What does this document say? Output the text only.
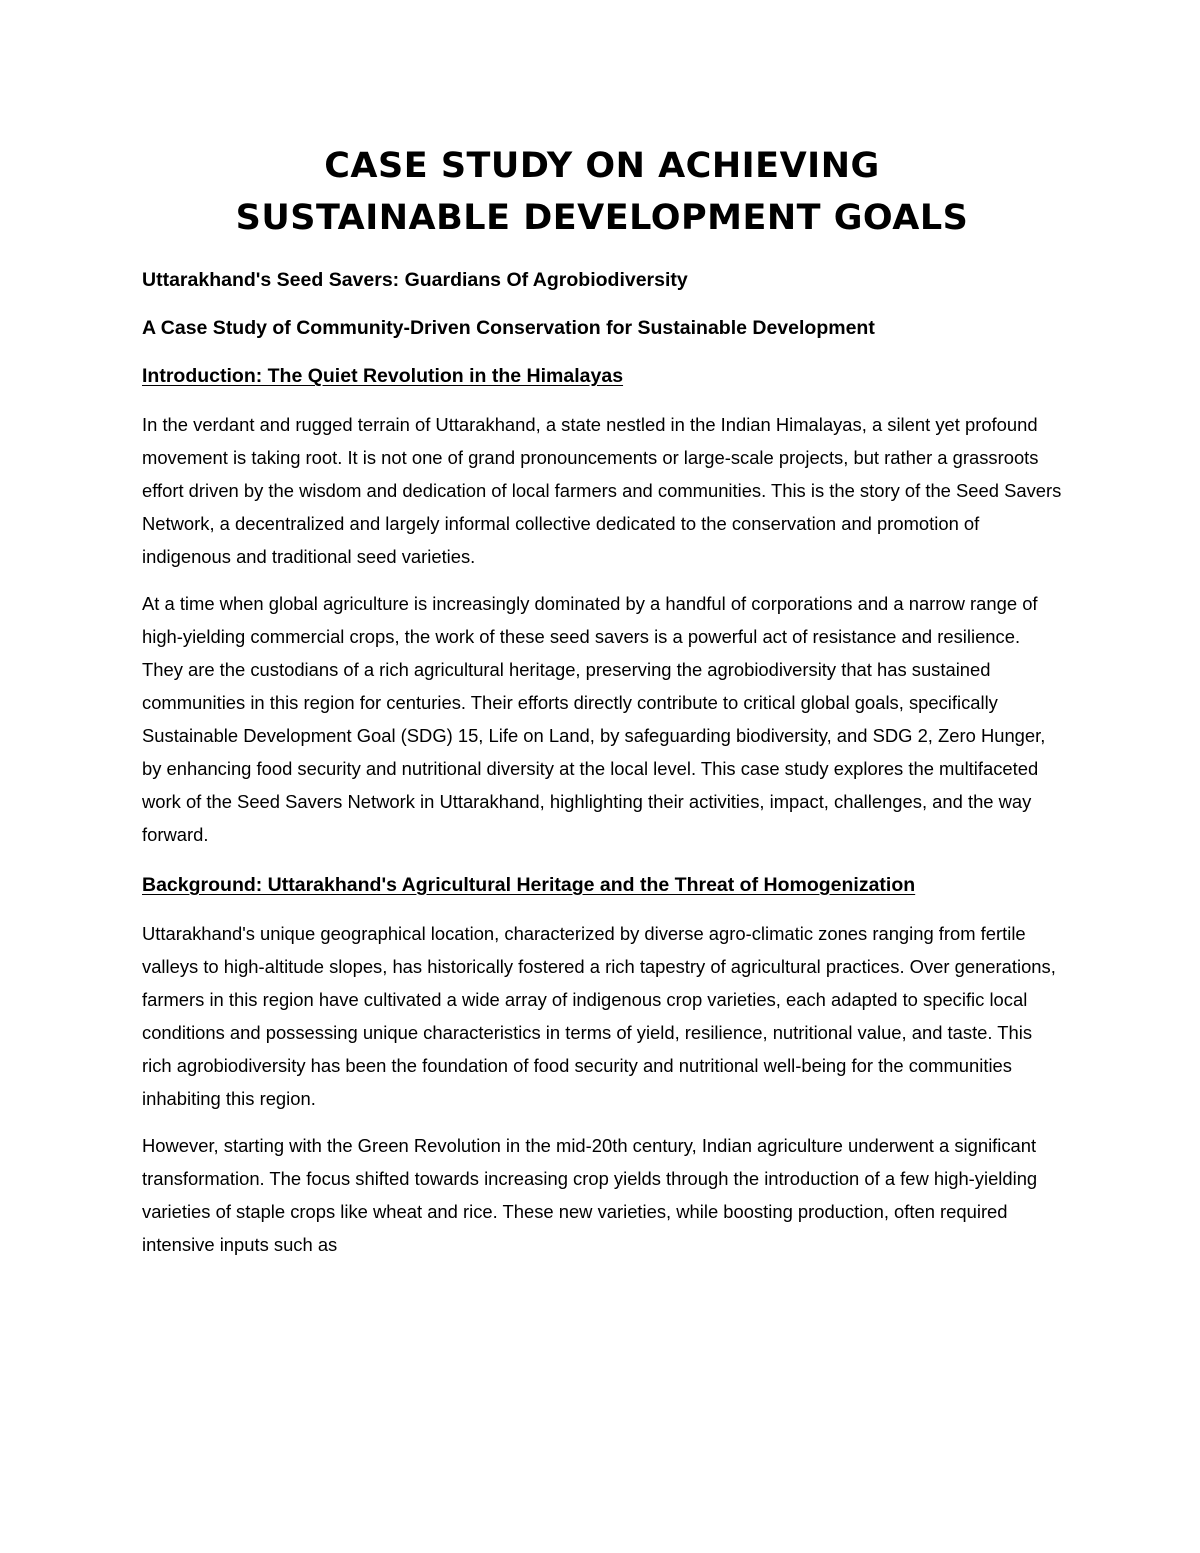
CASE STUDY ON ACHIEVING
SUSTAINABLE DEVELOPMENT GOALS

Uttarakhand's Seed Savers: Guardians Of Agrobiodiversity

A Case Study of Community-Driven Conservation for Sustainable Development

Introduction: The Quiet Revolution in the Himalayas

In the verdant and rugged terrain of Uttarakhand, a state nestled in the Indian Himalayas, a silent yet profound movement is taking root. It is not one of grand pronouncements or large-scale projects, but rather a grassroots effort driven by the wisdom and dedication of local farmers and communities. This is the story of the Seed Savers Network, a decentralized and largely informal collective dedicated to the conservation and promotion of indigenous and traditional seed varieties.

At a time when global agriculture is increasingly dominated by a handful of corporations and a narrow range of high-yielding commercial crops, the work of these seed savers is a powerful act of resistance and resilience. They are the custodians of a rich agricultural heritage, preserving the agrobiodiversity that has sustained communities in this region for centuries. Their efforts directly contribute to critical global goals, specifically Sustainable Development Goal (SDG) 15, Life on Land, by safeguarding biodiversity, and SDG 2, Zero Hunger, by enhancing food security and nutritional diversity at the local level. This case study explores the multifaceted work of the Seed Savers Network in Uttarakhand, highlighting their activities, impact, challenges, and the way forward.

Background: Uttarakhand's Agricultural Heritage and the Threat of Homogenization

Uttarakhand's unique geographical location, characterized by diverse agro-climatic zones ranging from fertile valleys to high-altitude slopes, has historically fostered a rich tapestry of agricultural practices. Over generations, farmers in this region have cultivated a wide array of indigenous crop varieties, each adapted to specific local conditions and possessing unique characteristics in terms of yield, resilience, nutritional value, and taste. This rich agrobiodiversity has been the foundation of food security and nutritional well-being for the communities inhabiting this region.

However, starting with the Green Revolution in the mid-20th century, Indian agriculture underwent a significant transformation. The focus shifted towards increasing crop yields through the introduction of a few high-yielding varieties of staple crops like wheat and rice. These new varieties, while boosting production, often required intensive inputs such as
